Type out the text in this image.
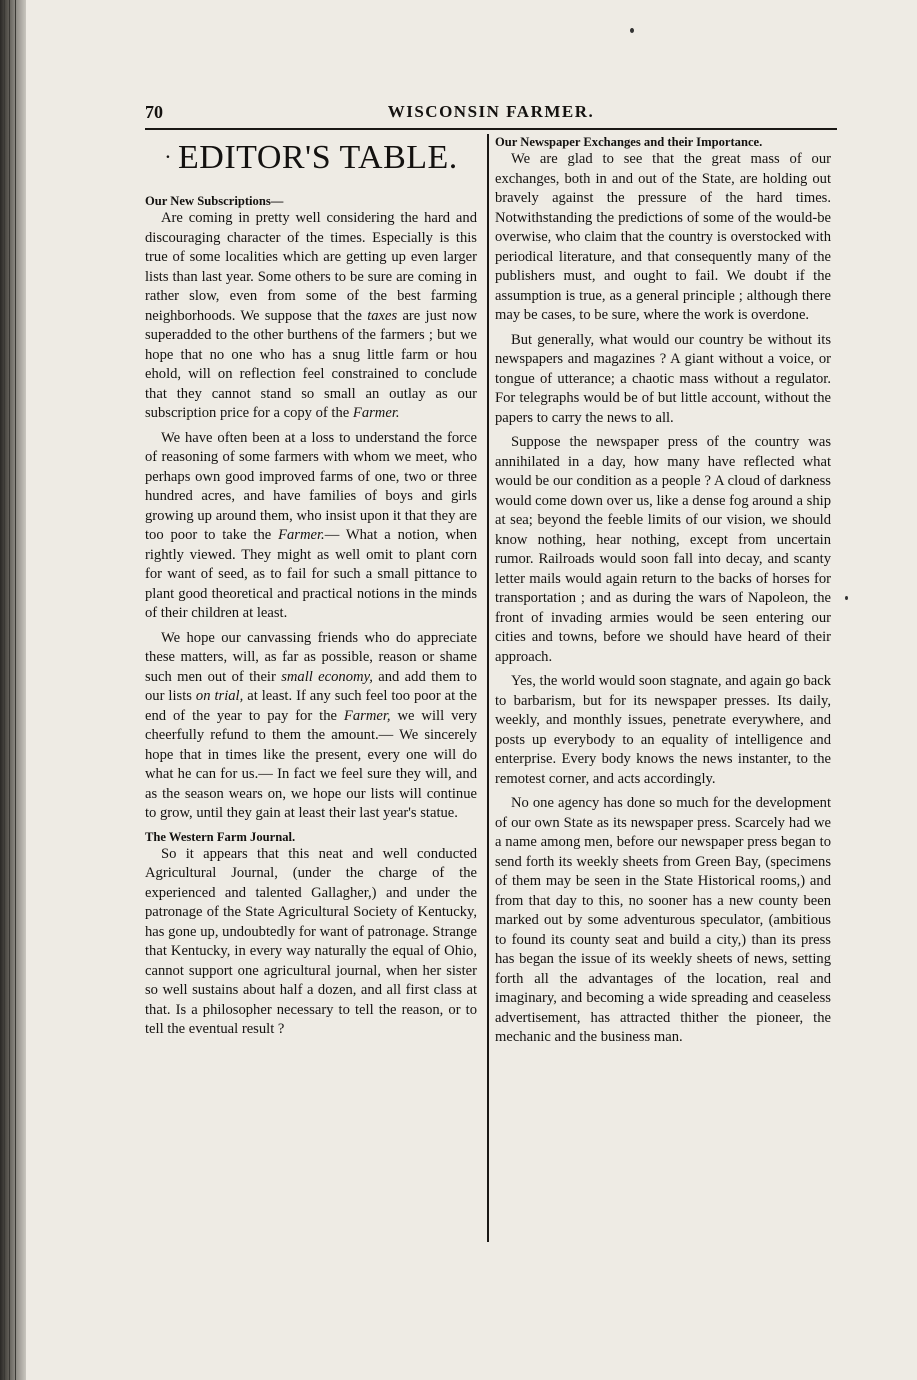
70	WISCONSIN FARMER.
· EDITOR'S TABLE.
Our New Subscriptions—

Are coming in pretty well considering the hard and discouraging character of the times. Especially is this true of some localities which are getting up even larger lists than last year. Some others to be sure are coming in rather slow, even from some of the best farming neighborhoods. We suppose that the taxes are just now superadded to the other burthens of the farmers ; but we hope that no one who has a snug little farm or hou ehold, will on reflection feel constrained to conclude that they cannot stand so small an outlay as our subscription price for a copy of the Farmer.

We have often been at a loss to understand the force of reasoning of some farmers with whom we meet, who perhaps own good improved farms of one, two or three hundred acres, and have families of boys and girls growing up around them, who insist upon it that they are too poor to take the Farmer.— What a notion, when rightly viewed. They might as well omit to plant corn for want of seed, as to fail for such a small pittance to plant good theoretical and practical notions in the minds of their children at least.

We hope our canvassing friends who do appreciate these matters, will, as far as possible, reason or shame such men out of their small economy, and add them to our lists on trial, at least. If any such feel too poor at the end of the year to pay for the Farmer, we will very cheerfully refund to them the amount.— We sincerely hope that in times like the present, every one will do what he can for us.— In fact we feel sure they will, and as the season wears on, we hope our lists will continue to grow, until they gain at least their last year's statue.

The Western Farm Journal.

So it appears that this neat and well conducted Agricultural Journal, (under the charge of the experienced and talented Gallagher,) and under the patronage of the State Agricultural Society of Kentucky, has gone up, undoubtedly for want of patronage. Strange that Kentucky, in every way naturally the equal of Ohio, cannot support one agricultural journal, when her sister so well sustains about half a dozen, and all first class at that. Is a philosopher necessary to tell the reason, or to tell the eventual result ?

Our Newspaper Exchanges and their Importance.

We are glad to see that the great mass of our exchanges, both in and out of the State, are holding out bravely against the pressure of the hard times. Notwithstanding the predictions of some of the would-be overwise, who claim that the country is overstocked with periodical literature, and that consequently many of the publishers must, and ought to fail. We doubt if the assumption is true, as a general principle ; although there may be cases, to be sure, where the work is overdone.

But generally, what would our country be without its newspapers and magazines ? A giant without a voice, or tongue of utterance; a chaotic mass without a regulator. For telegraphs would be of but little account, without the papers to carry the news to all.

Suppose the newspaper press of the country was annihilated in a day, how many have reflected what would be our condition as a people ? A cloud of darkness would come down over us, like a dense fog around a ship at sea; beyond the feeble limits of our vision, we should know nothing, hear nothing, except from uncertain rumor. Railroads would soon fall into decay, and scanty letter mails would again return to the backs of horses for transportation ; and as during the wars of Napoleon, the front of invading armies would be seen entering our cities and towns, before we should have heard of their approach.

Yes, the world would soon stagnate, and again go back to barbarism, but for its newspaper presses. Its daily, weekly, and monthly issues, penetrate everywhere, and posts up everybody to an equality of intelligence and enterprise. Every body knows the news instanter, to the remotest corner, and acts accordingly.

No one agency has done so much for the development of our own State as its newspaper press. Scarcely had we a name among men, before our newspaper press began to send forth its weekly sheets from Green Bay, (specimens of them may be seen in the State Historical rooms,) and from that day to this, no sooner has a new county been marked out by some adventurous speculator, (ambitious to found its county seat and build a city,) than its press has began the issue of its weekly sheets of news, setting forth all the advantages of the location, real and imaginary, and becoming a wide spreading and ceaseless advertisement, has attracted thither the pioneer, the mechanic and the business man.
